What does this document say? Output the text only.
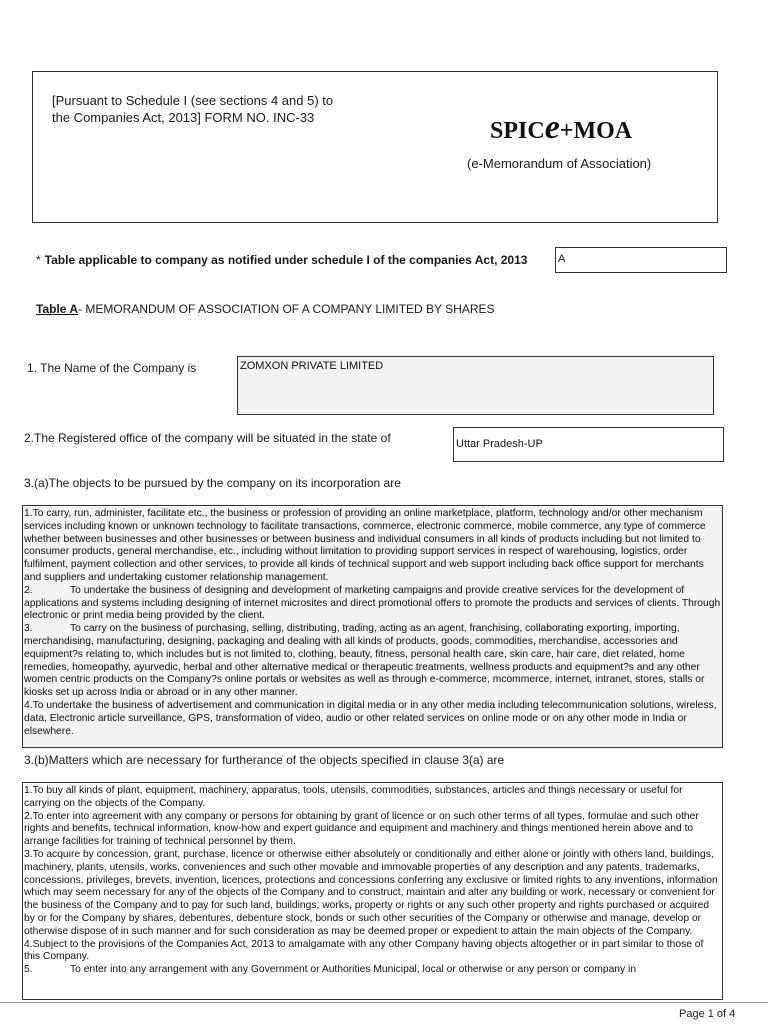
[Pursuant to Schedule I (see sections 4 and 5) to
the Companies Act, 2013] FORM NO. INC-33
SPICe+MOA
(e-Memorandum of Association)
* Table applicable to company as notified under schedule I of the companies Act, 2013	A
Table A- MEMORANDUM OF ASSOCIATION OF A COMPANY LIMITED BY SHARES
1. The Name of the Company is	ZOMXON PRIVATE LIMITED
2.The Registered office of the company will be situated in the state of	Uttar Pradesh-UP
3.(a)The objects to be pursued by the company on its incorporation are

1.To carry, run, administer, facilitate etc., the business or profession of providing an online marketplace, platform, technology and/or other mechanism services including known or unknown technology to facilitate transactions, commerce, electronic commerce, mobile commerce, any type of commerce whether between businesses and other businesses or between business and individual consumers in all kinds of products including but not limited to consumer products, general merchandise, etc., including without limitation to providing support services in respect of warehousing, logistics, order fulfilment, payment collection and other services, to provide all kinds of technical support and web support including back office support for merchants and suppliers and undertaking customer relationship management.

2.	To undertake the business of designing and development of marketing campaigns and provide creative services for the development of applications and systems including designing of internet microsites and direct promotional offers to promote the products and services of clients. Through electronic or print media being provided by the client.

3.	To carry on the business of purchasing, selling, distributing, trading, acting as an agent, franchising, collaborating exporting, importing, merchandising, manufacturing, designing, packaging and dealing with all kinds of products, goods, commodities, merchandise, accessories and equipment?s relating to, which includes but is not limited to, clothing, beauty, fitness, personal health care, skin care, hair care, diet related, home remedies, homeopathy, ayurvedic, herbal and other alternative medical or therapeutic treatments, wellness products and equipment?s and any other women centric products on the Company?s online portals or websites as well as through e-commerce, mcommerce, internet, intranet, stores, stalls or kiosks set up across India or abroad or in any other manner.

4.To undertake the business of advertisement and communication in digital media or in any other media including telecommunication solutions, wireless, data, Electronic article surveillance, GPS, transformation of video, audio or other related services on online mode or on any other mode in India or elsewhere.

3.(b)Matters which are necessary for furtherance of the objects specified in clause 3(a) are

1.To buy all kinds of plant, equipment, machinery, apparatus, tools, utensils, commodities, substances, articles and things necessary or useful for carrying on the objects of the Company.

2.To enter into agreement with any company or persons for obtaining by grant of licence or on such other terms of all types, formulae and such other rights and benefits, technical information, know-how and expert guidance and equipment and machinery and things mentioned herein above and to arrange facilities for training of technical personnel by them.

3.To acquire by concession, grant, purchase, licence or otherwise either absolutely or conditionally and either alone or jointly with others land, buildings, machinery, plants, utensils, works, conveniences and such other movable and immovable properties of any description and any patents, trademarks, concessions, privileges, brevets, invention, licences, protections and concessions conferring any exclusive or limited rights to any inventions, information which may seem necessary for any of the objects of the Company and to construct, maintain and alter any building or work, necessary or convenient for the business of the Company and to pay for such land, buildings, works, property or rights or any such other property and rights purchased or acquired by or for the Company by shares, debentures, debenture stock, bonds or such other securities of the Company or otherwise and manage, develop or otherwise dispose of in such manner and for such consideration as may be deemed proper or expedient to attain the main objects of the Company.

4.Subject to the provisions of the Companies Act, 2013 to amalgamate with any other Company having objects altogether or in part similar to those of this Company.

5.	To enter into any arrangement with any Government or Authorities Municipal, local or otherwise or any person or company in

Page 1 of 4
